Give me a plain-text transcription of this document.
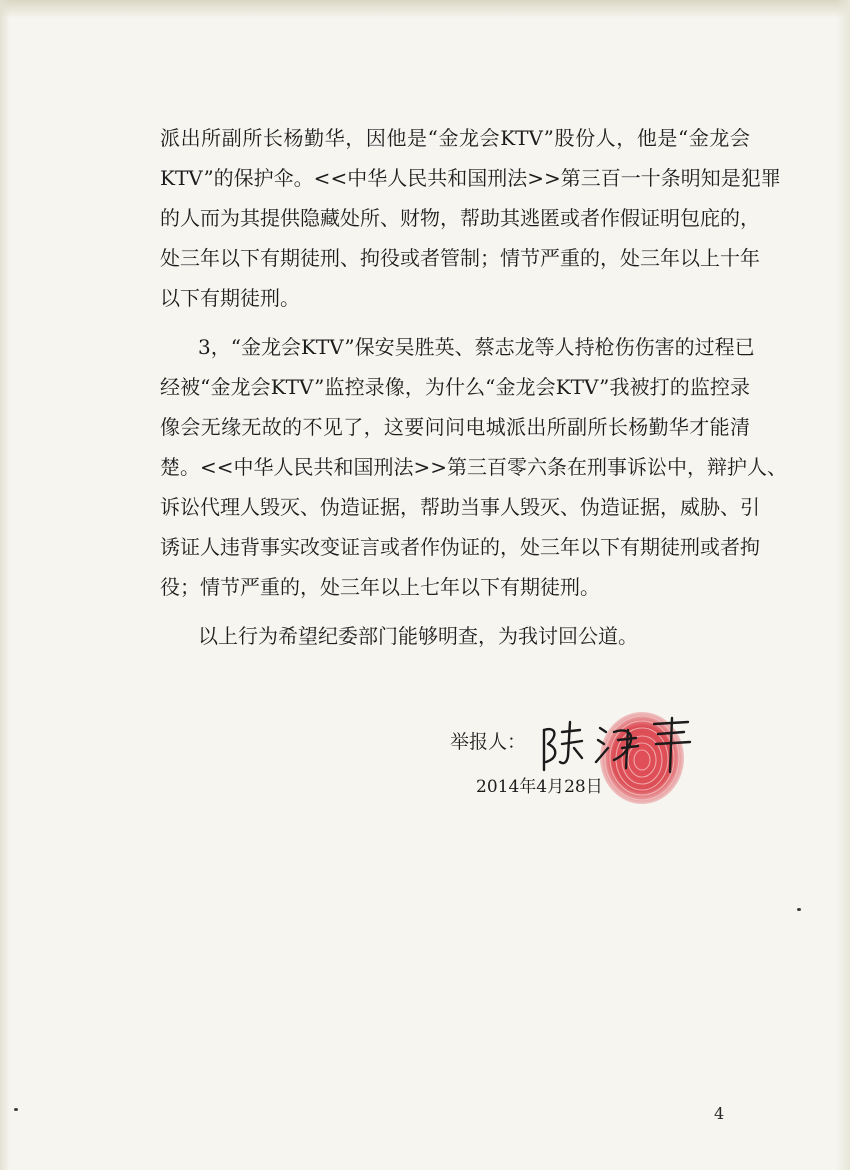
派出所副所长杨勤华，因他是“金龙会KTV”股份人，他是“金龙会
KTV”的保护伞。<<中华人民共和国刑法>>第三百一十条明知是犯罪
的人而为其提供隐藏处所、财物，帮助其逃匿或者作假证明包庇的，
处三年以下有期徒刑、拘役或者管制；情节严重的，处三年以上十年
以下有期徒刑。
3，“金龙会KTV”保安吴胜英、蔡志龙等人持枪伤伤害的过程已
经被“金龙会KTV”监控录像，为什么“金龙会KTV”我被打的监控录
像会无缘无故的不见了，这要问问电城派出所副所长杨勤华才能清
楚。<<中华人民共和国刑法>>第三百零六条在刑事诉讼中，辩护人、
诉讼代理人毁灭、伪造证据，帮助当事人毁灭、伪造证据，威胁、引
诱证人违背事实改变证言或者作伪证的，处三年以下有期徒刑或者拘
役；情节严重的，处三年以上七年以下有期徒刑。
以上行为希望纪委部门能够明查，为我讨回公道。
举报人：
陈海丰
2014年4月28日
4
